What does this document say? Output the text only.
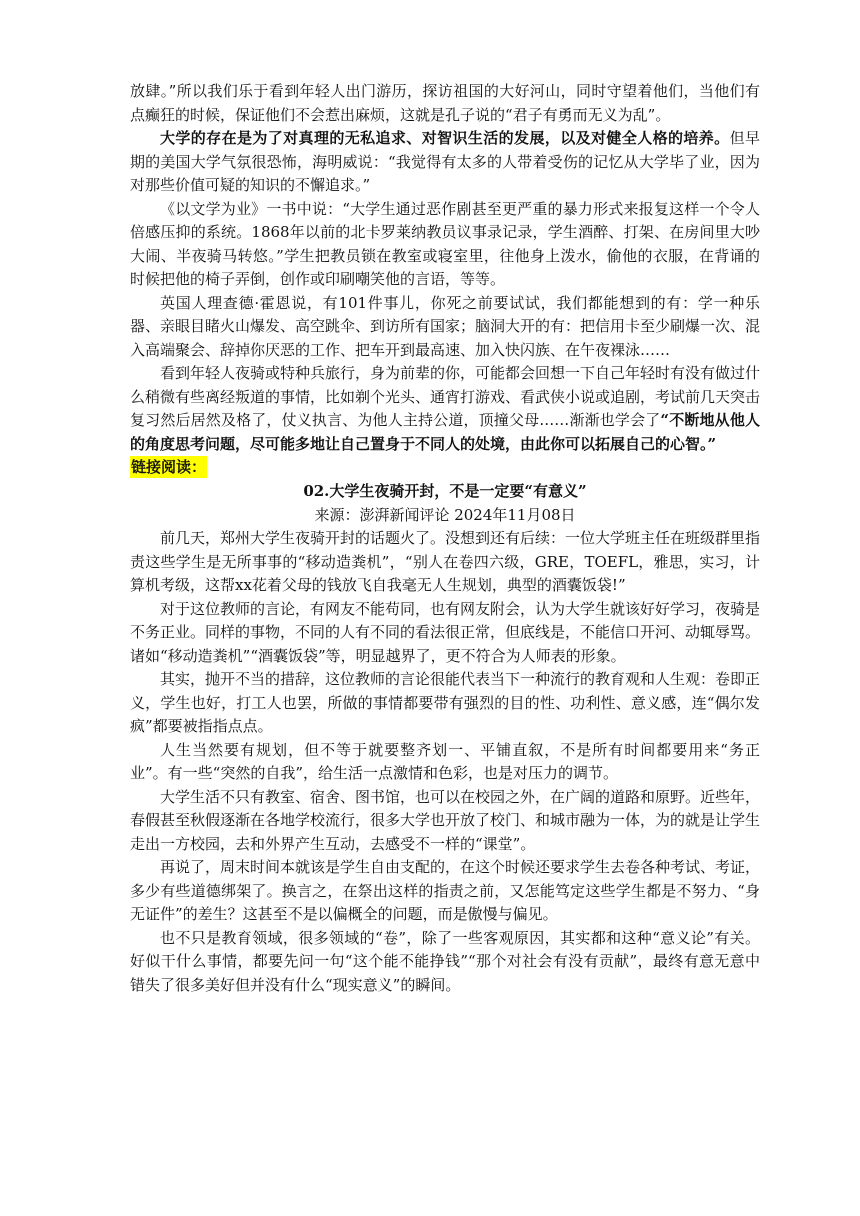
放肆。”所以我们乐于看到年轻人出门游历，探访祖国的大好河山，同时守望着他们，当他们有点癫狂的时候，保证他们不会惹出麻烦，这就是孔子说的“君子有勇而无义为乱”。

大学的存在是为了对真理的无私追求、对智识生活的发展，以及对健全人格的培养。但早期的美国大学气氛很恐怖，海明威说：“我觉得有太多的人带着受伤的记忆从大学毕了业，因为对那些价值可疑的知识的不懈追求。”

《以文学为业》一书中说：“大学生通过恶作剧甚至更严重的暴力形式来报复这样一个令人倍感压抑的系统。1868年以前的北卡罗莱纳教员议事录记录，学生酒醉、打架、在房间里大吵大闹、半夜骑马转悠。”学生把教员锁在教室或寝室里，往他身上泼水，偷他的衣服，在背诵的时候把他的椅子弄倒，创作或印刷嘲笑他的言语，等等。

英国人理查德·霍恩说，有101件事儿，你死之前要试试，我们都能想到的有：学一种乐器、亲眼目睹火山爆发、高空跳伞、到访所有国家；脑洞大开的有：把信用卡至少刷爆一次、混入高端聚会、辞掉你厌恶的工作、把车开到最高速、加入快闪族、在午夜裸泳……

看到年轻人夜骑或特种兵旅行，身为前辈的你，可能都会回想一下自己年轻时有没有做过什么稍微有些离经叛道的事情，比如剃个光头、通宵打游戏、看武侠小说或追剧，考试前几天突击复习然后居然及格了，仗义执言、为他人主持公道，顶撞父母……渐渐也学会了“不断地从他人的角度思考问题，尽可能多地让自己置身于不同人的处境，由此你可以拓展自己的心智。”

链接阅读：

02.大学生夜骑开封，不是一定要“有意义”

来源：澎湃新闻评论 2024年11月08日

前几天，郑州大学生夜骑开封的话题火了。没想到还有后续：一位大学班主任在班级群里指责这些学生是无所事事的“移动造粪机”，“别人在卷四六级，GRE，TOEFL，雅思，实习，计算机考级，这帮xx花着父母的钱放飞自我毫无人生规划，典型的酒囊饭袋!”

对于这位教师的言论，有网友不能苟同，也有网友附会，认为大学生就该好好学习，夜骑是不务正业。同样的事物，不同的人有不同的看法很正常，但底线是，不能信口开河、动辄辱骂。诸如“移动造粪机”“酒囊饭袋”等，明显越界了，更不符合为人师表的形象。

其实，抛开不当的措辞，这位教师的言论很能代表当下一种流行的教育观和人生观：卷即正义，学生也好，打工人也罢，所做的事情都要带有强烈的目的性、功利性、意义感，连“偶尔发疯”都要被指指点点。

人生当然要有规划，但不等于就要整齐划一、平铺直叙，不是所有时间都要用来“务正业”。有一些“突然的自我”，给生活一点激情和色彩，也是对压力的调节。

大学生活不只有教室、宿舍、图书馆，也可以在校园之外，在广阔的道路和原野。近些年，春假甚至秋假逐渐在各地学校流行，很多大学也开放了校门、和城市融为一体，为的就是让学生走出一方校园，去和外界产生互动，去感受不一样的“课堂”。

再说了，周末时间本就该是学生自由支配的，在这个时候还要求学生去卷各种考试、考证，多少有些道德绑架了。换言之，在祭出这样的指责之前，又怎能笃定这些学生都是不努力、“身无证件”的差生？这甚至不是以偏概全的问题，而是傲慢与偏见。

也不只是教育领域，很多领域的“卷”，除了一些客观原因，其实都和这种“意义论”有关。好似干什么事情，都要先问一句“这个能不能挣钱”“那个对社会有没有贡献”，最终有意无意中错失了很多美好但并没有什么“现实意义”的瞬间。
